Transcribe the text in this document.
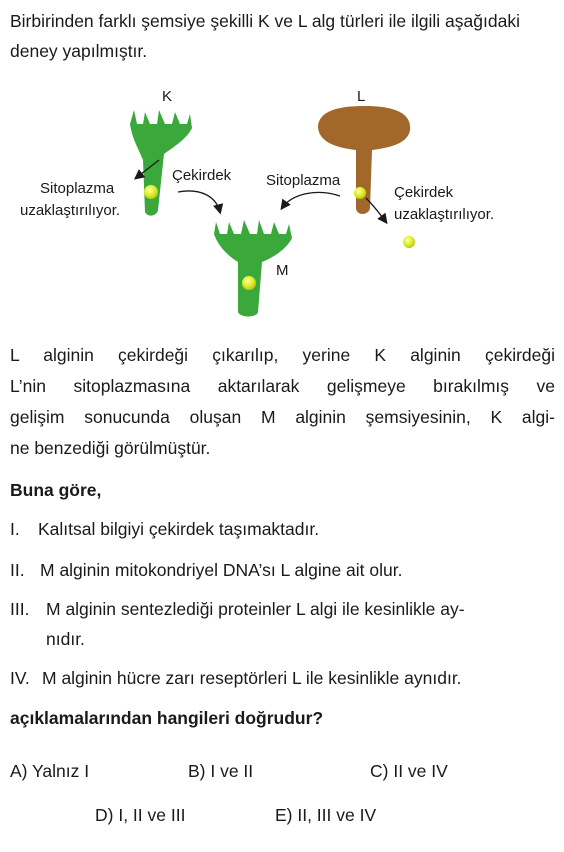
Birbirinden farklı şemsiye şekilli K ve L alg türleri ile ilgili aşağıdaki deney yapılmıştır.
K	L
M
Sitoplazma
uzaklaştırılıyor.
Çekirdek Sitoplazma
Çekirdek
uzaklaştırılıyor.
L alginin çekirdeği çıkarılıp, yerine K alginin çekirdeği
L’nin sitoplazmasına aktarılarak gelişmeye bırakılmış ve
gelişim sonucunda oluşan M alginin şemsiyesinin, K algi-
ne benzediği görülmüştür.
Buna göre,
I. Kalıtsal bilgiyi çekirdek taşımaktadır.
II. M alginin mitokondriyel DNA’sı L algine ait olur.
III. M alginin sentezlediği proteinler L algi ile kesinlikle ay-
nıdır.
IV. M alginin hücre zarı reseptörleri L ile kesinlikle aynıdır.
açıklamalarından hangileri doğrudur?
A) Yalnız I	B) I ve II	C) II ve IV
D) I, II ve III	E) II, III ve IV
